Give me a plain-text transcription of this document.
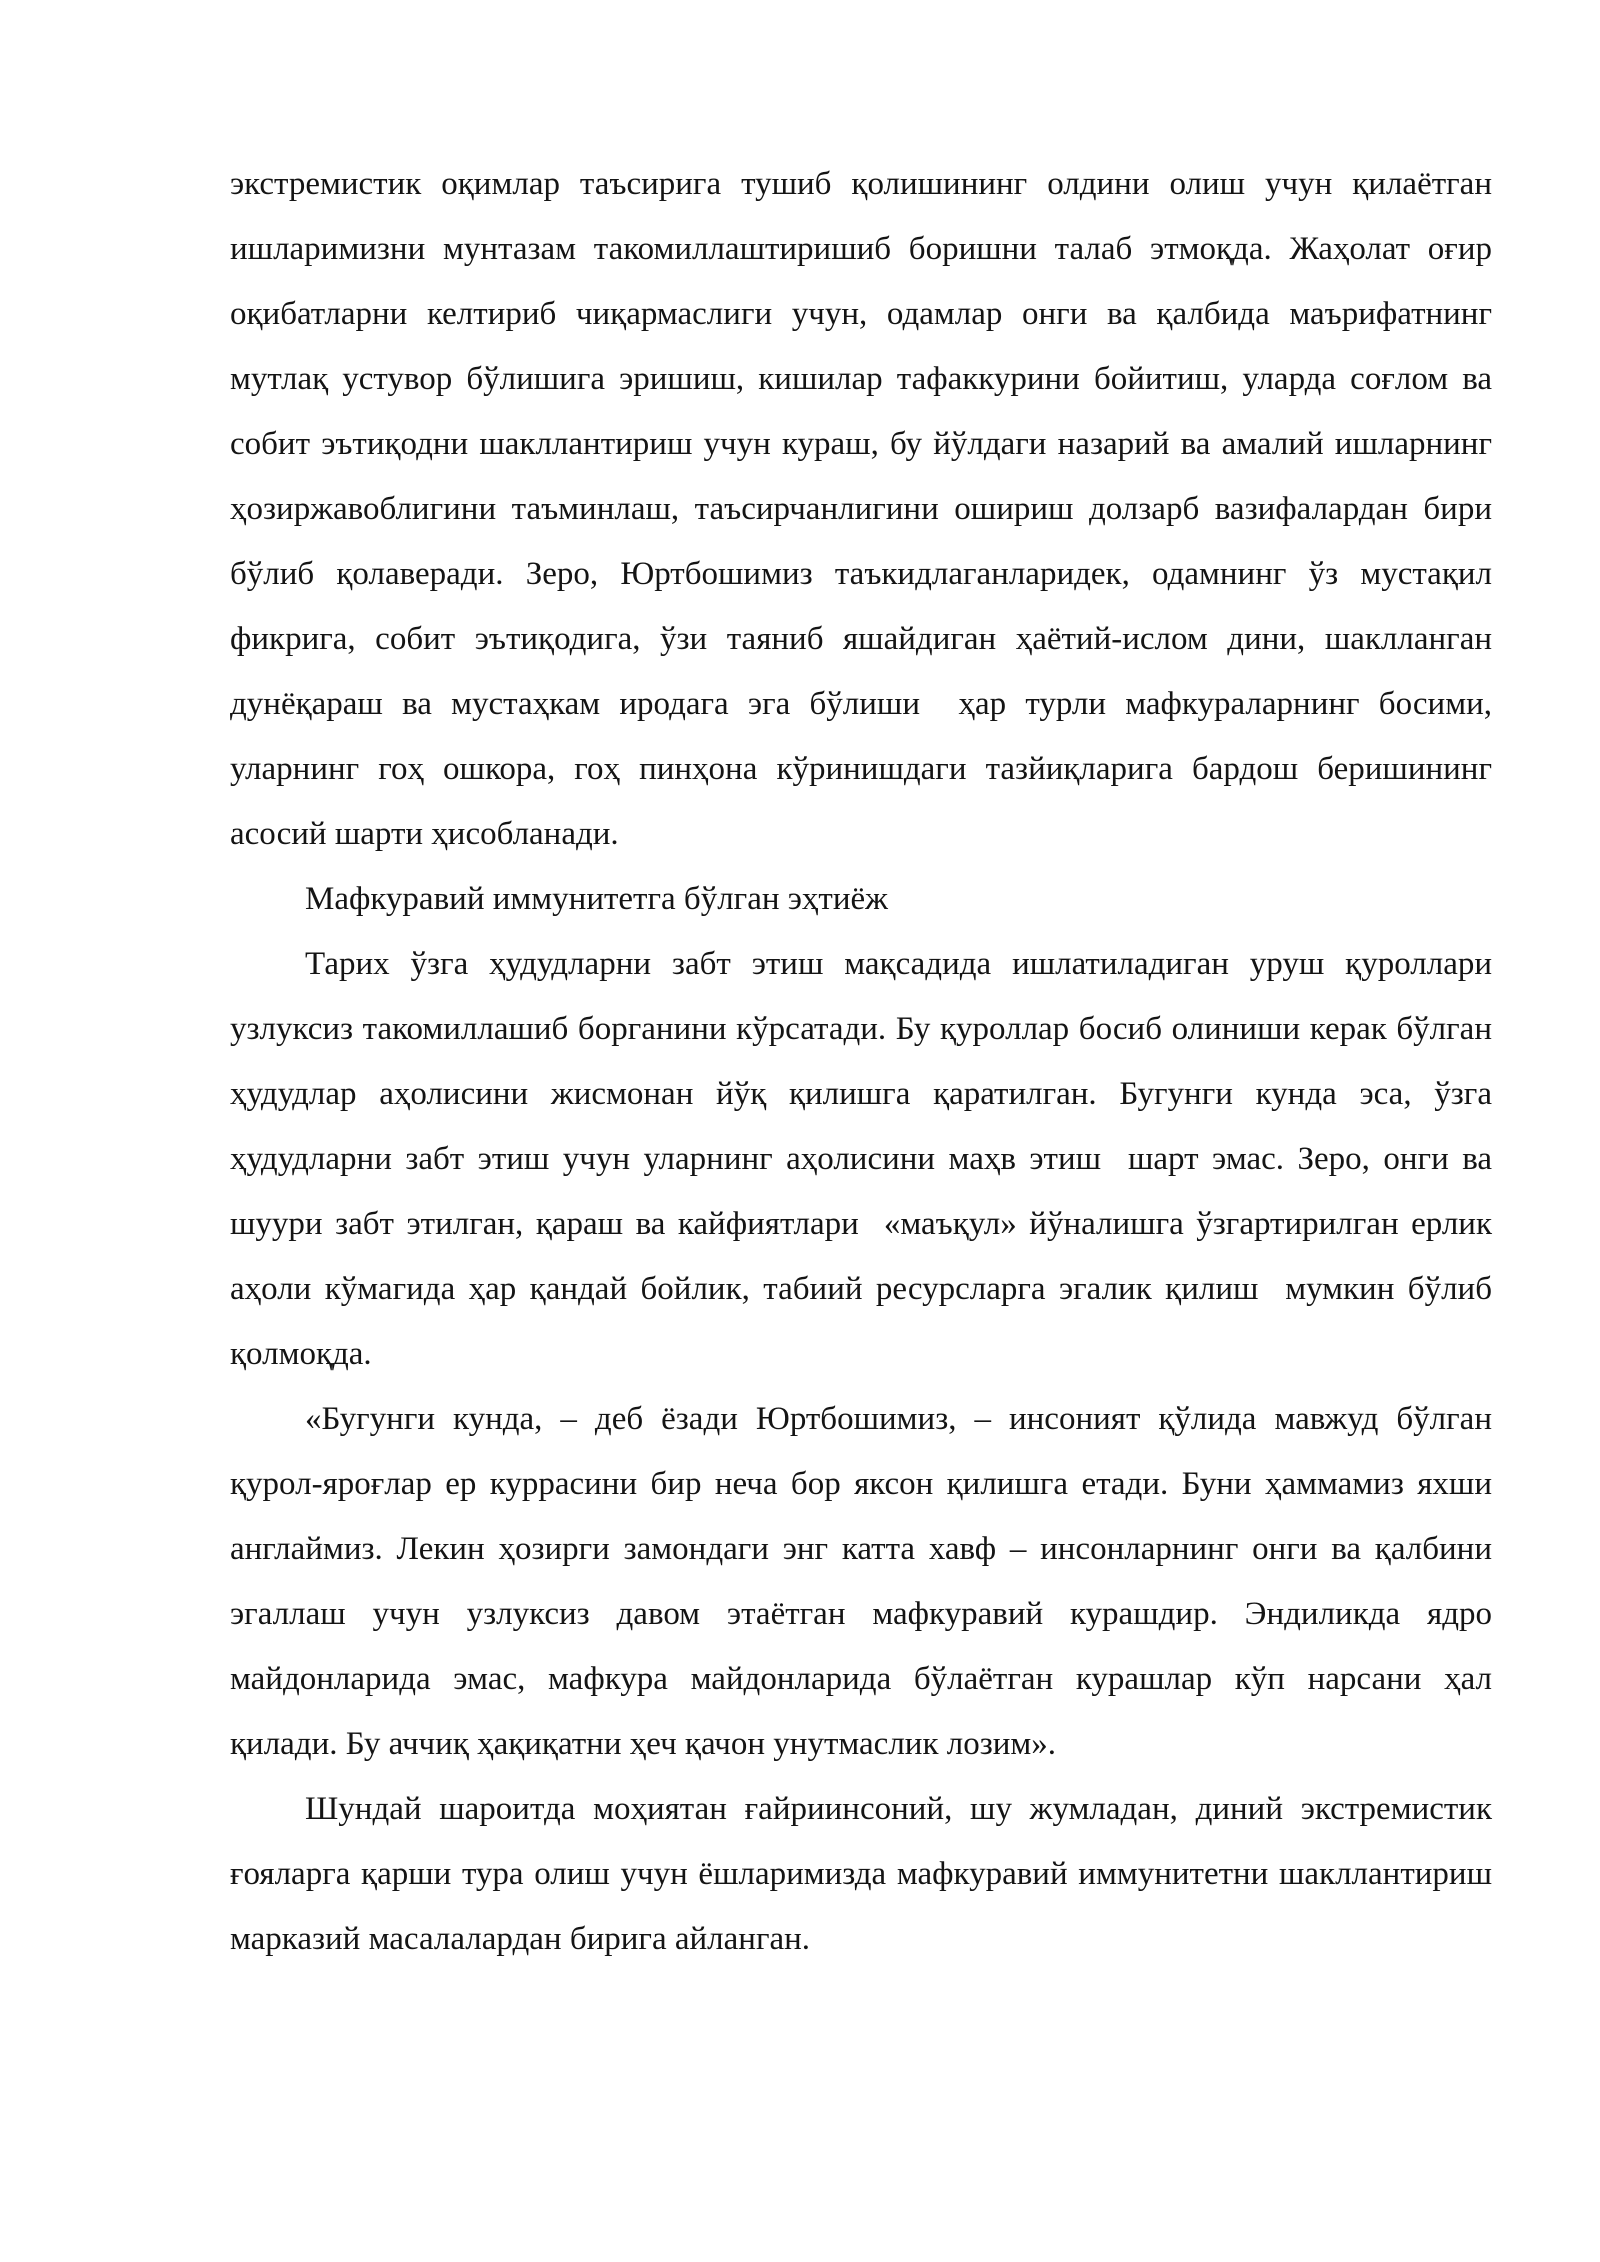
экстремистик оқимлар таъсирига тушиб қолишининг олдини олиш учун қилаётган ишларимизни мунтазам такомиллаштиришиб боришни талаб этмоқда. Жаҳолат оғир оқибатларни келтириб чиқармаслиги учун, одамлар онги ва қалбида маърифатнинг мутлақ устувор бўлишига эришиш, кишилар тафаккурини бойитиш, уларда соғлом ва собит эътиқодни шакллантириш учун кураш, бу йўлдаги назарий ва амалий ишларнинг ҳозиржавоблигини таъминлаш, таъсирчанлигини ошириш долзарб вазифалардан бири бўлиб қолаверади. Зеро, Юртбошимиз таъкидлаганларидек, одамнинг ўз мустақил фикрига, собит эътиқодига, ўзи таяниб яшайдиган ҳаётий-ислом дини, шаклланган дунёқараш ва мустаҳкам иродага эга бўлиши  ҳар турли мафкураларнинг босими, уларнинг гоҳ ошкора, гоҳ пинҳона кўринишдаги тазйиқларига бардош беришининг асосий шарти ҳисобланади.

Мафкуравий иммунитетга бўлган эҳтиёж

Тарих ўзга ҳудудларни забт этиш мақсадида ишлатиладиган уруш қуроллари узлуксиз такомиллашиб борганини кўрсатади. Бу қуроллар босиб олиниши керак бўлган ҳудудлар аҳолисини жисмонан йўқ қилишга қаратилган. Бугунги кунда эса, ўзга ҳудудларни забт этиш учун уларнинг аҳолисини маҳв этиш  шарт эмас. Зеро, онги ва шуури забт этилган, қараш ва кайфиятлари  «маъқул» йўналишга ўзгартирилган ерлик аҳоли кўмагида ҳар қандай бойлик, табиий ресурсларга эгалик қилиш  мумкин бўлиб  қолмоқда.

«Бугунги кунда, – деб ёзади Юртбошимиз, – инсоният қўлида мавжуд бўлган қурол-яроғлар ер куррасини бир неча бор яксон қилишга етади. Буни ҳаммамиз яхши англаймиз. Лекин ҳозирги замондаги энг катта хавф – инсонларнинг онги ва қалбини эгаллаш учун узлуксиз давом этаётган мафкуравий курашдир. Эндиликда ядро майдонларида эмас, мафкура майдонларида бўлаётган курашлар кўп нарсани ҳал қилади. Бу аччиқ ҳақиқатни ҳеч қачон унутмаслик лозим».

Шундай шароитда моҳиятан ғайриинсоний, шу жумладан, диний экстремистик ғояларга қарши тура олиш учун ёшларимизда мафкуравий иммунитетни шакллантириш марказий масалалардан бирига айланган.
